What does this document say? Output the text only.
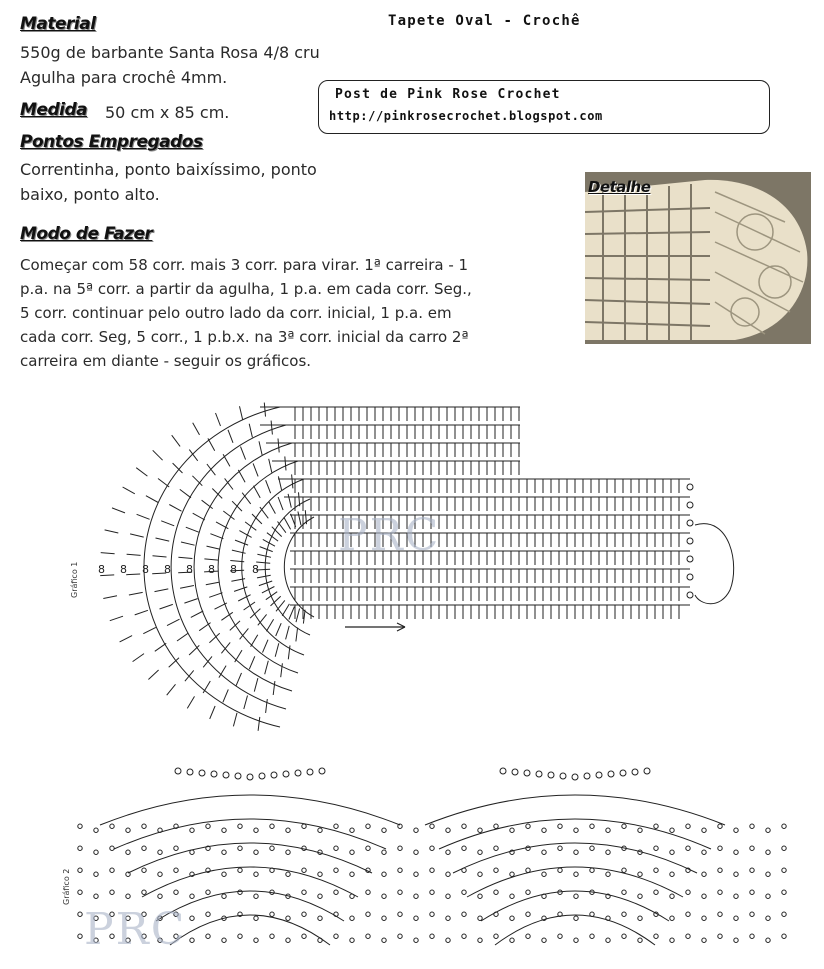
Tapete Oval - Crochê
Material
550g de barbante Santa Rosa 4/8 cru
Agulha para crochê 4mm.
Medida 50 cm x 85 cm.
Pontos Empregados
Correntinha, ponto baixíssimo, ponto
baixo, ponto alto.
Modo de Fazer
Começar com 58 corr. mais 3 corr. para virar. 1ª carreira - 1
p.a. na 5ª corr. a partir da agulha, 1 p.a. em cada corr. Seg.,
5 corr. continuar pelo outro lado da corr. inicial, 1 p.a. em
cada corr. Seg, 5 corr., 1 p.b.x. na 3ª corr. inicial da carro 2ª
carreira em diante - seguir os gráficos.
Post de Pink Rose Crochet
http://pinkrosecrochet.blogspot.com
Detalhe
Gráfico 1 8 8 8 8 8 8 8 8
PRC
Gráfico 2
PRC
